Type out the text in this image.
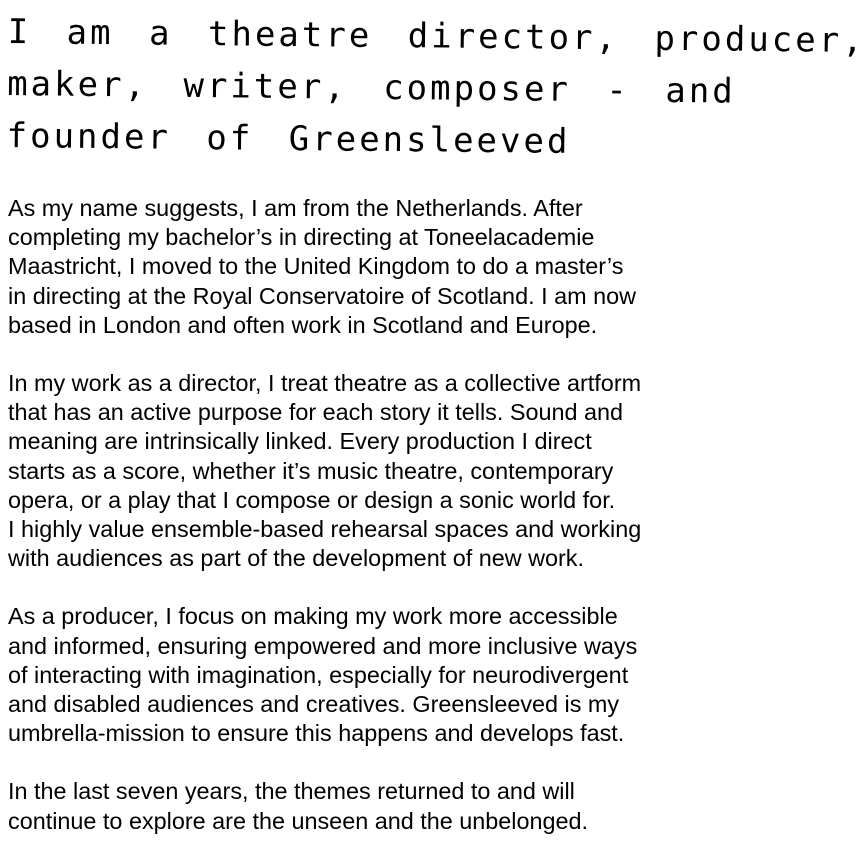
I am a theatre director, producer,
maker, writer, composer - and
founder of Greensleeved

As my name suggests, I am from the Netherlands. After
completing my bachelor’s in directing at Toneelacademie
Maastricht, I moved to the United Kingdom to do a master’s
in directing at the Royal Conservatoire of Scotland. I am now
based in London and often work in Scotland and Europe.

In my work as a director, I treat theatre as a collective artform
that has an active purpose for each story it tells. Sound and
meaning are intrinsically linked. Every production I direct
starts as a score, whether it’s music theatre, contemporary
opera, or a play that I compose or design a sonic world for.
I highly value ensemble-based rehearsal spaces and working
with audiences as part of the development of new work.

As a producer, I focus on making my work more accessible
and informed, ensuring empowered and more inclusive ways
of interacting with imagination, especially for neurodivergent
and disabled audiences and creatives. Greensleeved is my
umbrella-mission to ensure this happens and develops fast.

In the last seven years, the themes returned to and will
continue to explore are the unseen and the unbelonged.
